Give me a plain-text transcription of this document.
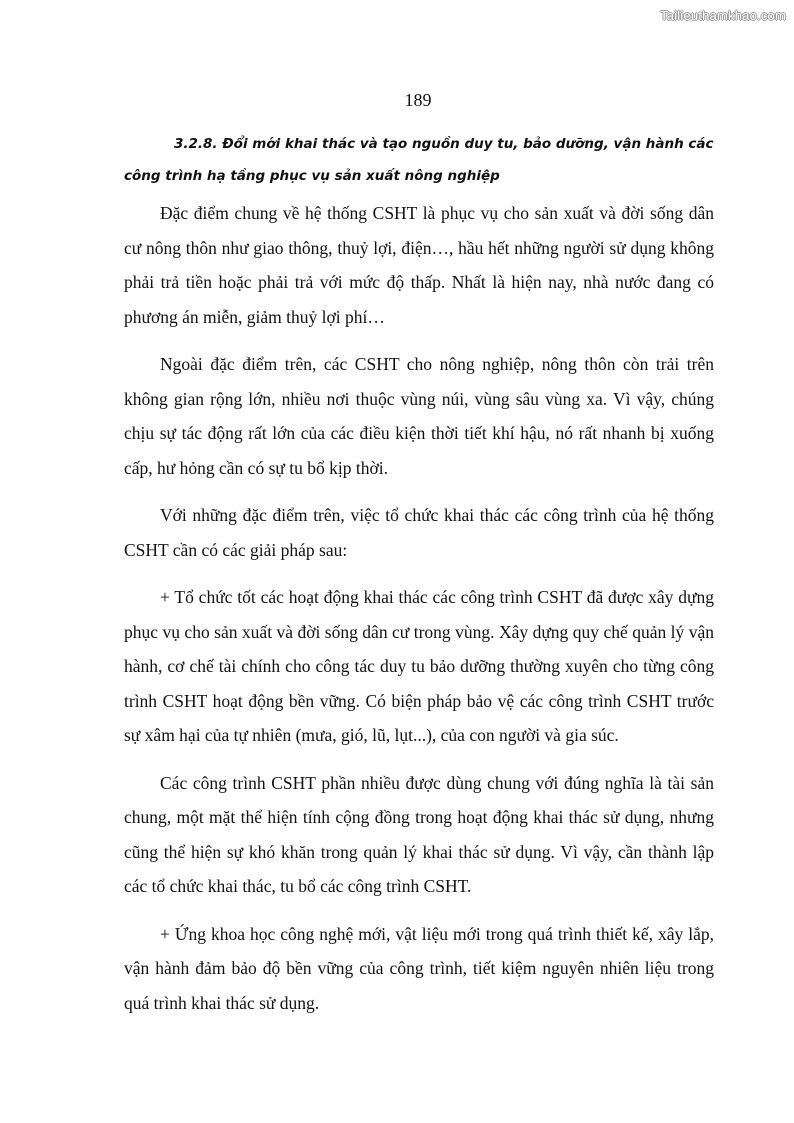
Tailieuthamkhao.com
189
3.2.8. Đổi mới khai thác và tạo nguồn duy tu, bảo dưỡng, vận hành các
công trình hạ tầng phục vụ sản xuất nông nghiệp

Đặc điểm chung về hệ thống CSHT là phục vụ cho sản xuất và đời sống dân cư nông thôn như giao thông, thuỷ lợi, điện…, hầu hết những người sử dụng không phải trả tiền hoặc phải trả với mức độ thấp. Nhất là hiện nay, nhà nước đang có phương án miễn, giảm thuỷ lợi phí…

Ngoài đặc điểm trên, các CSHT cho nông nghiệp, nông thôn còn trải trên không gian rộng lớn, nhiều nơi thuộc vùng núi, vùng sâu vùng xa. Vì vậy, chúng chịu sự tác động rất lớn của các điều kiện thời tiết khí hậu, nó rất nhanh bị xuống cấp, hư hỏng cần có sự tu bổ kịp thời.

Với những đặc điểm trên, việc tổ chức khai thác các công trình của hệ thống CSHT cần có các giải pháp sau:

+ Tổ chức tốt các hoạt động khai thác các công trình CSHT đã được xây dựng phục vụ cho sản xuất và đời sống dân cư trong vùng. Xây dựng quy chế quản lý vận hành, cơ chế tài chính cho công tác duy tu bảo dưỡng thường xuyên cho từng công trình CSHT hoạt động bền vững. Có biện pháp bảo vệ các công trình CSHT trước sự xâm hại của tự nhiên (mưa, gió, lũ, lụt...), của con người và gia súc.

Các công trình CSHT phần nhiều được dùng chung với đúng nghĩa là tài sản chung, một mặt thể hiện tính cộng đồng trong hoạt động khai thác sử dụng, nhưng cũng thể hiện sự khó khăn trong quản lý khai thác sử dụng. Vì vậy, cần thành lập các tổ chức khai thác, tu bổ các công trình CSHT.

+ Ứng khoa học công nghệ mới, vật liệu mới trong quá trình thiết kế, xây lắp, vận hành đảm bảo độ bền vững của công trình, tiết kiệm nguyên nhiên liệu trong quá trình khai thác sử dụng.
